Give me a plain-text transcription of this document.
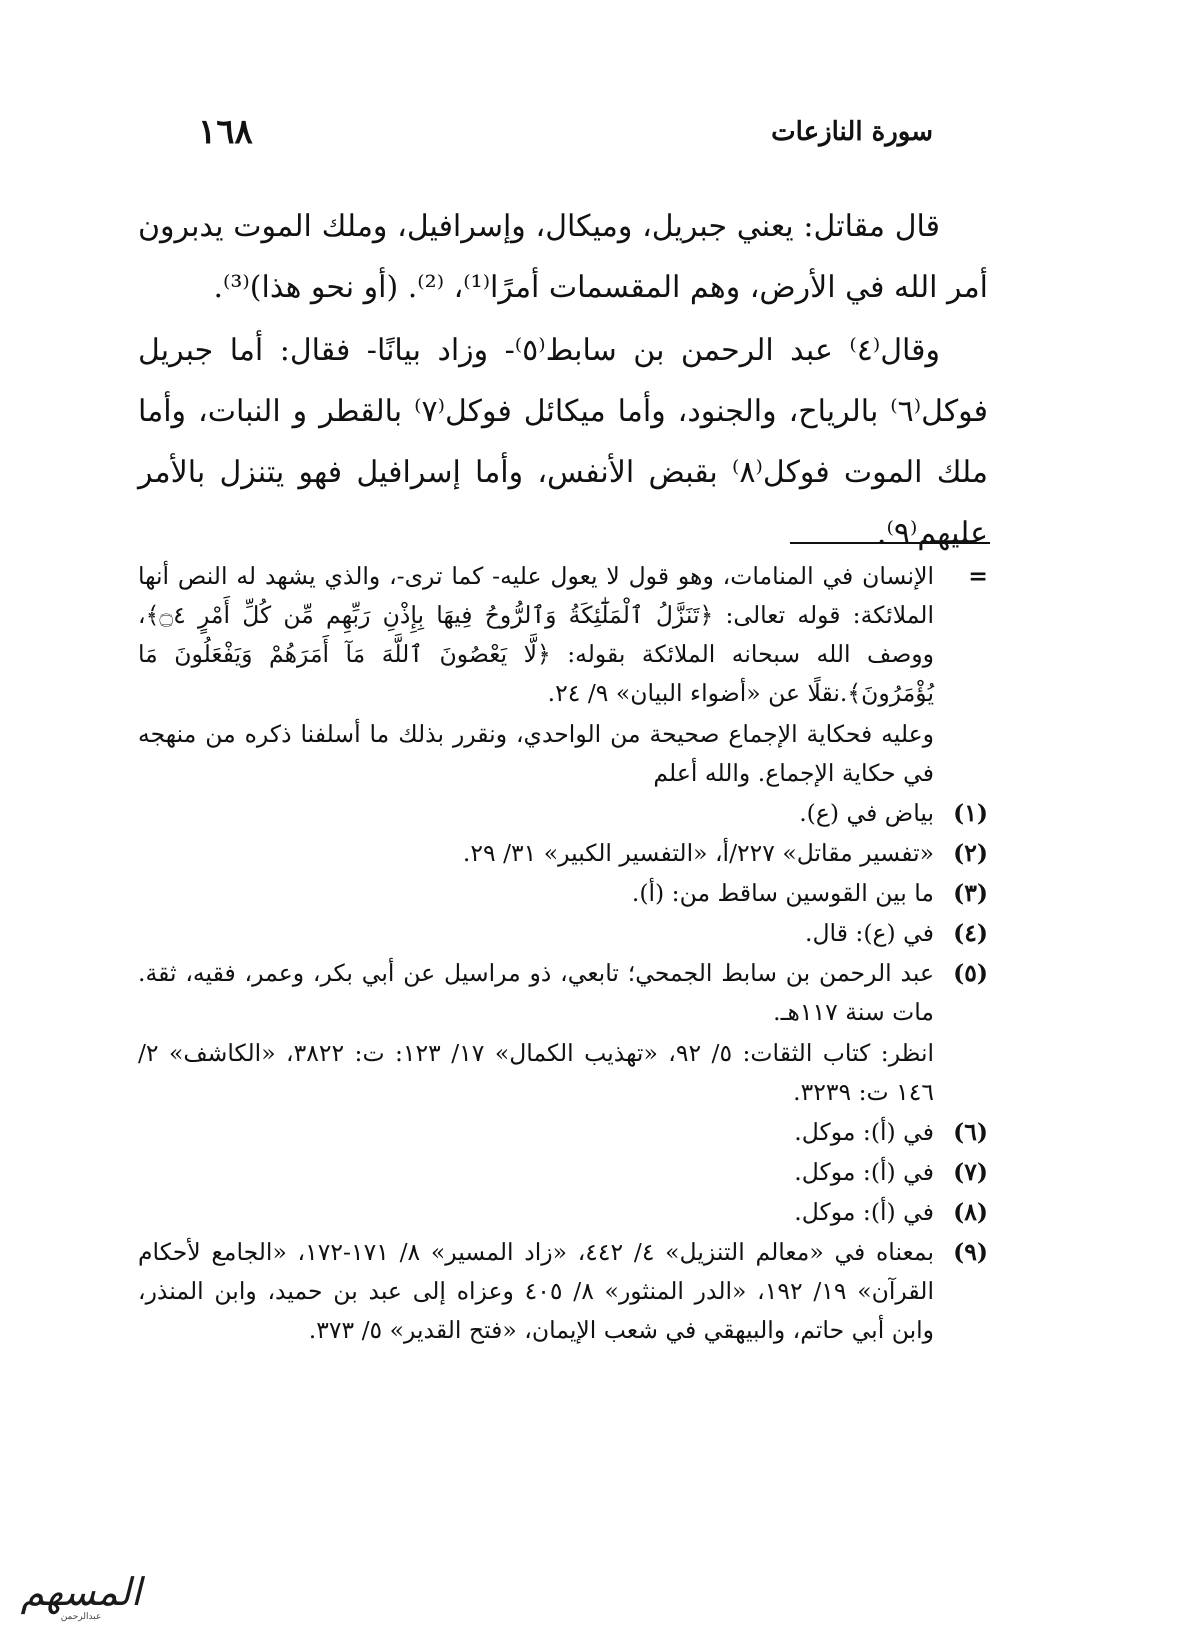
سورة النازعات
١٦٨

قال مقاتل: يعني جبريل، وميكال، وإسرافيل، وملك الموت يدبرون أمر الله في الأرض، وهم المقسمات أمرًا⁽¹⁾، ⁽²⁾. (أو نحو هذا)⁽³⁾.

وقال⁽٤⁾ عبد الرحمن بن سابط⁽٥⁾- وزاد بيانًا- فقال: أما جبريل فوكل⁽٦⁾ بالرياح، والجنود، وأما ميكائل فوكل⁽٧⁾ بالقطر و النبات، وأما ملك الموت فوكل⁽٨⁾ بقبض الأنفس، وأما إسرافيل فهو يتنزل بالأمر عليهم⁽٩⁾.

=

الإنسان في المنامات، وهو قول لا يعول عليه- كما ترى-، والذي يشهد له النص أنها الملائكة: قوله تعالى: ﴿تَنَزَّلُ ٱلْمَلَٰٓئِكَةُ وَٱلرُّوحُ فِيهَا بِإِذْنِ رَبِّهِم مِّن كُلِّ أَمْرٍ ۝٤﴾، ووصف الله سبحانه الملائكة بقوله: ﴿لَّا يَعْصُونَ ٱللَّهَ مَآ أَمَرَهُمْ وَيَفْعَلُونَ مَا يُؤْمَرُونَ﴾.نقلًا عن «أضواء البيان» ٩/ ٢٤.

وعليه فحكاية الإجماع صحيحة من الواحدي، ونقرر بذلك ما أسلفنا ذكره من منهجه في حكاية الإجماع. والله أعلم

(١)

بياض في (ع).

(٢)

«تفسير مقاتل» ٢٢٧/أ، «التفسير الكبير» ٣١/ ٢٩.

(٣)

ما بين القوسين ساقط من: (أ).

(٤)

في (ع): قال.

(٥)

عبد الرحمن بن سابط الجمحي؛ تابعي، ذو مراسيل عن أبي بكر، وعمر، فقيه، ثقة. مات سنة ١١٧هـ.

انظر: كتاب الثقات: ٥/ ٩٢، «تهذيب الكمال» ١٧/ ١٢٣: ت: ٣٨٢٢، «الكاشف» ٢/ ١٤٦ ت: ٣٢٣٩.

(٦)

في (أ): موكل.

(٧)

في (أ): موكل.

(٨)

في (أ): موكل.

(٩)

بمعناه في «معالم التنزيل» ٤/ ٤٤٢، «زاد المسير» ٨/ ١٧١-١٧٢، «الجامع لأحكام القرآن» ١٩/ ١٩٢، «الدر المنثور» ٨/ ٤٠٥ وعزاه إلى عبد بن حميد، وابن المنذر، وابن أبي حاتم، والبيهقي في شعب الإيمان، «فتح القدير» ٥/ ٣٧٣.

المسهم
عبدالرحمن
